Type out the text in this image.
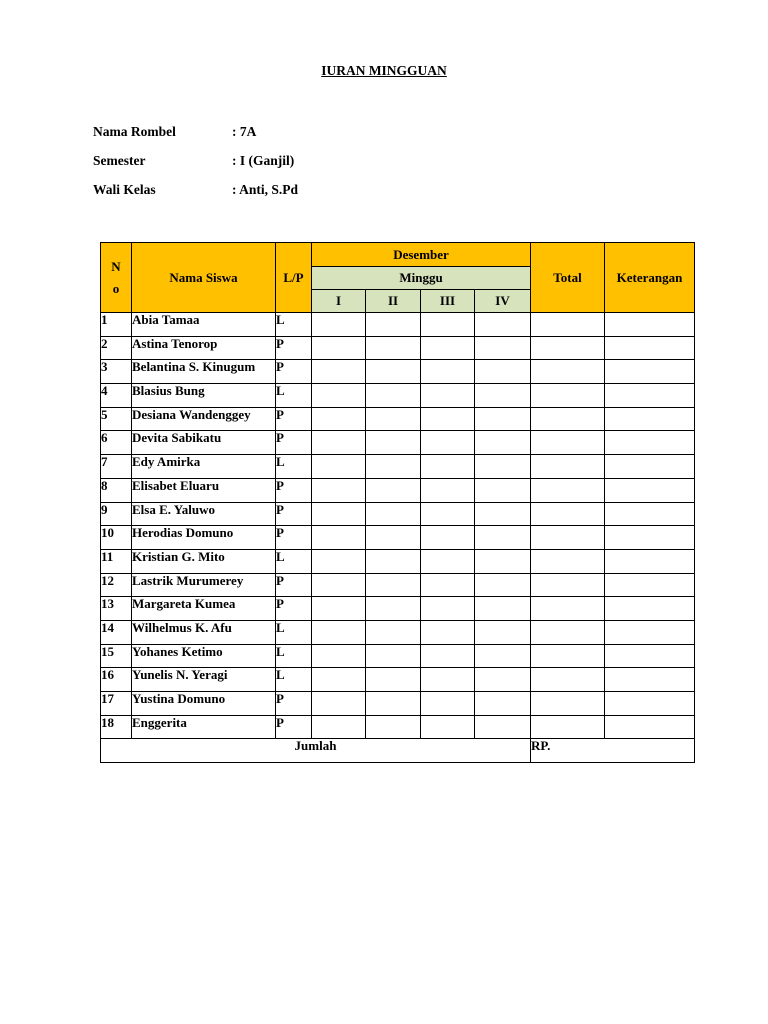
IURAN MINGGUAN
Nama Rombel	: 7A
Semester	: I (Ganjil)
Wali Kelas	: Anti, S.Pd
N
o	Nama Siswa	L/P	Desember				Total	Keterangan
			Minggu					
			I	II	III	IV		
1	Abia Tamaa	L						
2	Astina Tenorop	P						
3	Belantina S. Kinugum	P						
4	Blasius Bung	L						
5	Desiana Wandenggey	P						
6	Devita Sabikatu	P						
7	Edy Amirka	L						
8	Elisabet Eluaru	P						
9	Elsa E. Yaluwo	P						
10	Herodias Domuno	P						
11	Kristian G. Mito	L						
12	Lastrik Murumerey	P						
13	Margareta Kumea	P						
14	Wilhelmus K. Afu	L						
15	Yohanes Ketimo	L						
16	Yunelis N. Yeragi	L						
17	Yustina Domuno	P						
18	Enggerita	P						
Jumlah							RP.	
